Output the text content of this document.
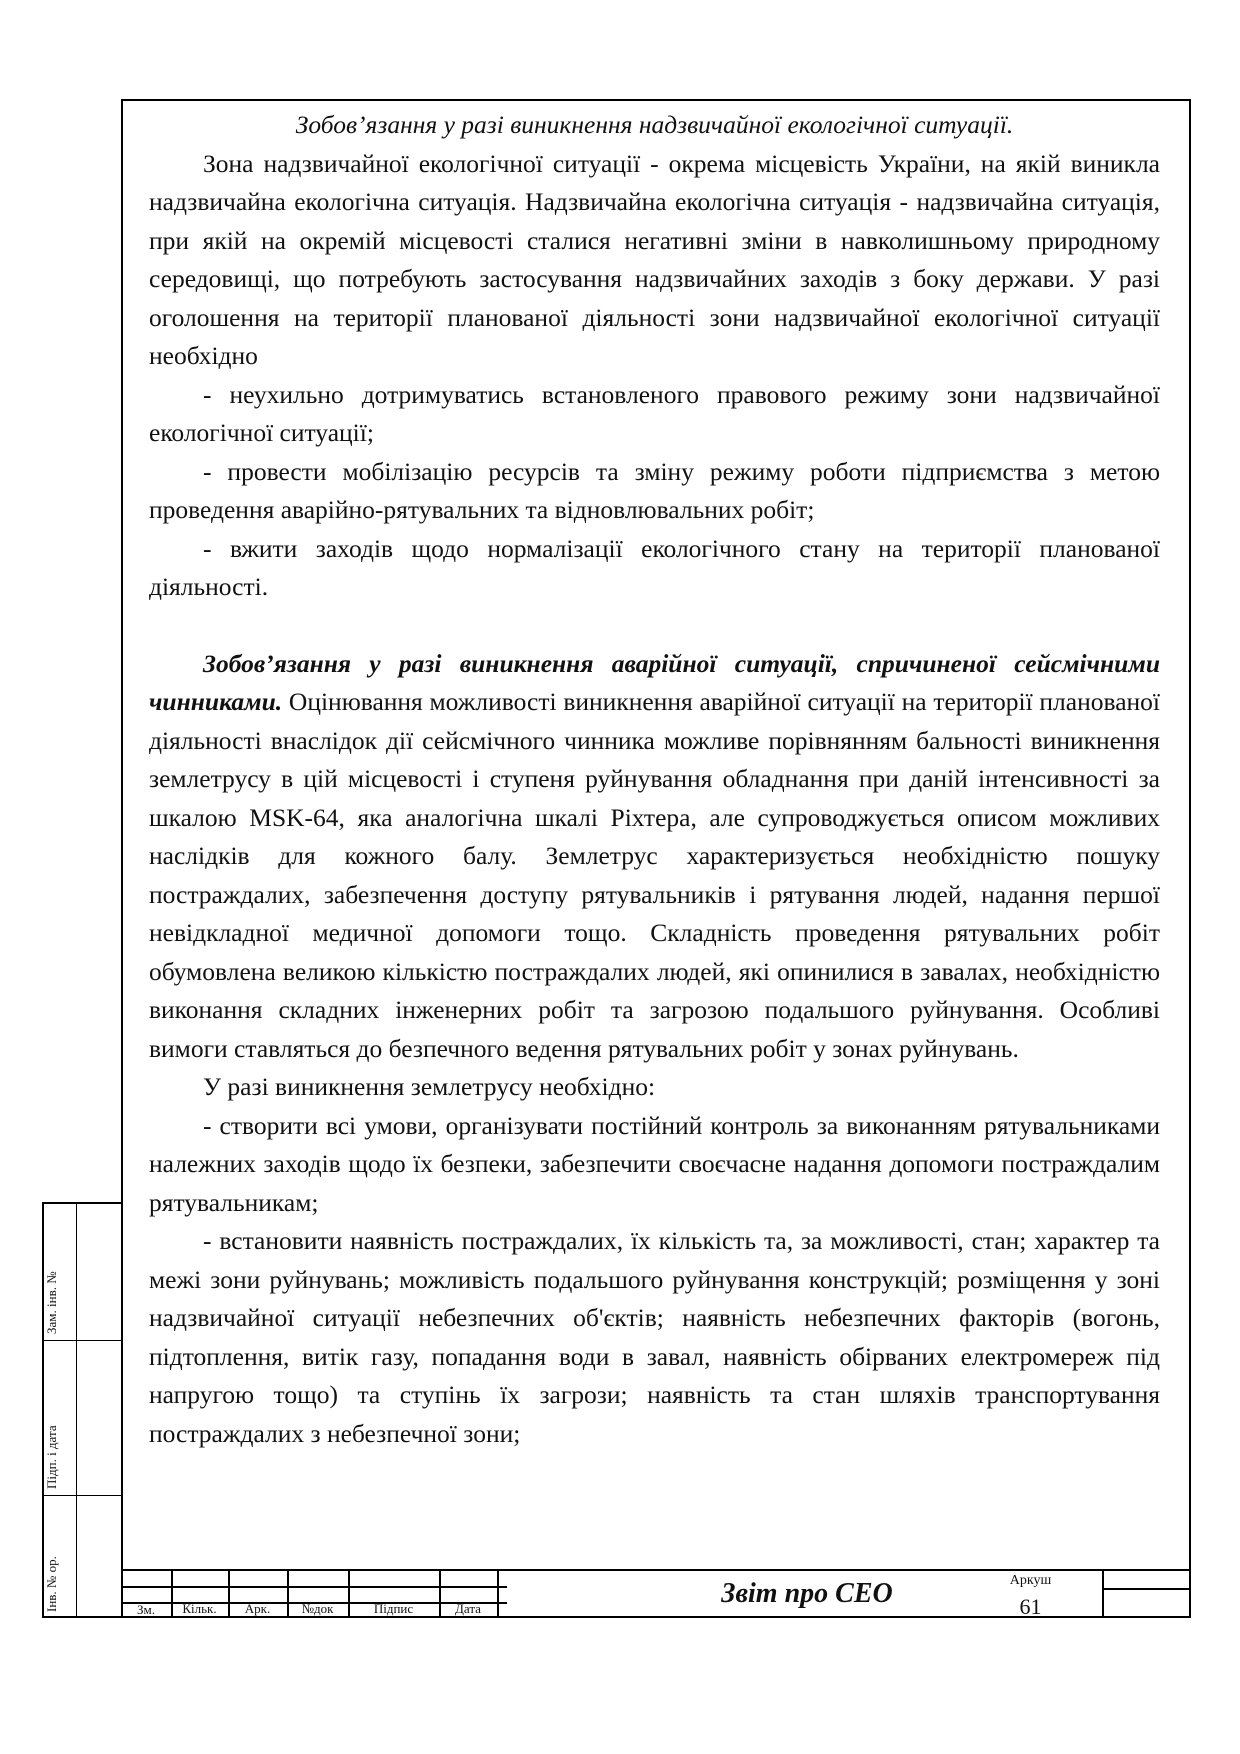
Зобов’язання у разі виникнення надзвичайної екологічної ситуації.

Зона надзвичайної екологічної ситуації - окрема місцевість України, на якій виникла надзвичайна екологічна ситуація. Надзвичайна екологічна ситуація - надзвичайна ситуація, при якій на окремій місцевості сталися негативні зміни в навколишньому природному середовищі, що потребують застосування надзвичайних заходів з боку держави. У разі оголошення на території планованої діяльності зони надзвичайної екологічної ситуації необхідно

- неухильно дотримуватись встановленого правового режиму зони надзвичайної екологічної ситуації;

- провести мобілізацію ресурсів та зміну режиму роботи підприємства з метою проведення аварійно-рятувальних та відновлювальних робіт;

- вжити заходів щодо нормалізації екологічного стану на території планованої діяльності.

Зобов’язання у разі виникнення аварійної ситуації, спричиненої сейсмічними чинниками. Оцінювання можливості виникнення аварійної ситуації на території планованої діяльності внаслідок дії сейсмічного чинника можливе порівнянням бальності виникнення землетрусу в цій місцевості і ступеня руйнування обладнання при даній інтенсивності за шкалою MSK-64, яка аналогічна шкалі Ріхтера, але супроводжується описом можливих наслідків для кожного балу. Землетрус характеризується необхідністю пошуку постраждалих, забезпечення доступу рятувальників і рятування людей, надання першої невідкладної медичної допомоги тощо. Складність проведення рятувальних робіт обумовлена великою кількістю постраждалих людей, які опинилися в завалах, необхідністю виконання складних інженерних робіт та загрозою подальшого руйнування. Особливі вимоги ставляться до безпечного ведення рятувальних робіт у зонах руйнувань.

У разі виникнення землетрусу необхідно:

- створити всі умови, організувати постійний контроль за виконанням рятувальниками належних заходів щодо їх безпеки, забезпечити своєчасне надання допомоги постраждалим рятувальникам;

- встановити наявність постраждалих, їх кількість та, за можливості, стан; характер та межі зони руйнувань; можливість подальшого руйнування конструкцій; розміщення у зоні надзвичайної ситуації небезпечних об'єктів; наявність небезпечних факторів (вогонь, підтоплення, витік газу, попадання води в завал, наявність обірваних електромереж під напругою тощо) та ступінь їх загрози; наявність та стан шляхів транспортування постраждалих з небезпечної зони;

Зам. інв. №
Підп. і дата
Інв. № ор.	Зм.	Кільк.	Арк.	№док	Підпис	Дата	Звіт про СЕО	Аркуш
61
